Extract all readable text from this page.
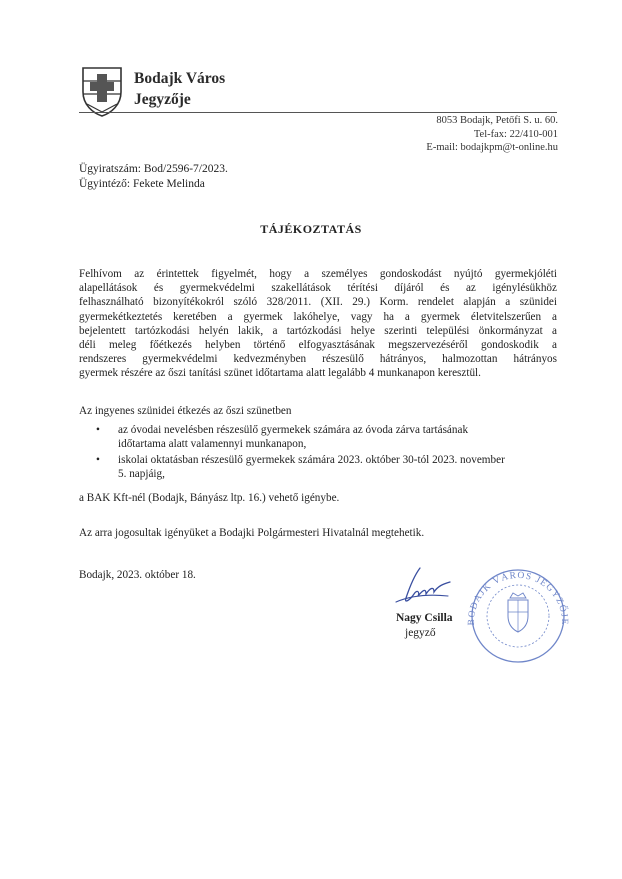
Bodajk Város
Jegyzője
8053 Bodajk, Petőfi S. u. 60.
Tel-fax: 22/410-001
E-mail: bodajkpm@t-online.hu
Ügyiratszám: Bod/2596-7/2023.
Ügyintéző: Fekete Melinda
TÁJÉKOZTATÁS
Felhívom az érintettek figyelmét, hogy a személyes gondoskodást nyújtó gyermekjóléti
alapellátások és gyermekvédelmi szakellátások térítési díjáról és az igénylésükhöz
felhasználható bizonyítékokról szóló 328/2011. (XII. 29.) Korm. rendelet alapján a szünidei
gyermekétkeztetés keretében a gyermek lakóhelye, vagy ha a gyermek életvitelszerűen a
bejelentett tartózkodási helyén lakik, a tartózkodási helye szerinti települési önkormányzat a
déli meleg főétkezés helyben történő elfogyasztásának megszervezéséről gondoskodik a
rendszeres gyermekvédelmi kedvezményben részesülő hátrányos, halmozottan hátrányos
gyermek részére az őszi tanítási szünet időtartama alatt legalább 4 munkanapon keresztül.
Az ingyenes szünidei étkezés az őszi szünetben
• az óvodai nevelésben részesülő gyermekek számára az óvoda zárva tartásának
időtartama alatt valamennyi munkanapon,
• iskolai oktatásban részesülő gyermekek számára 2023. október 30-tól 2023. november
5. napjáig,
a BAK Kft-nél (Bodajk, Bányász ltp. 16.) vehető igénybe.
Az arra jogosultak igényüket a Bodajki Polgármesteri Hivatalnál megtehetik.
Bodajk, 2023. október 18.
Nagy Csilla
jegyző
BODAJK VÁROS JEGYZŐJE
